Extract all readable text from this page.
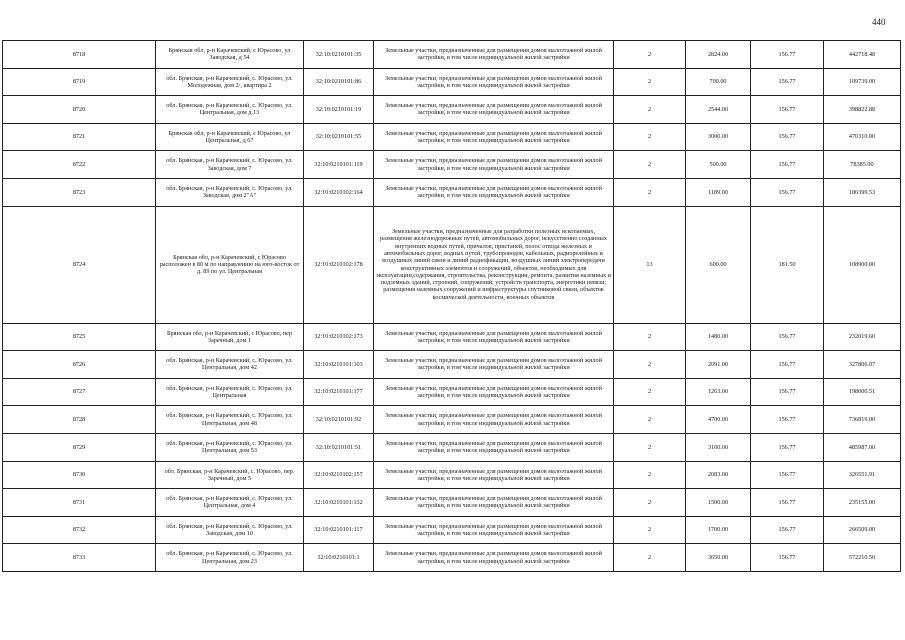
440
8718	Брянская обл, р-н Карачевский, с Юрасово, ул Заводская, д 54	32:10:0210101:35	Земельные участки, предназначенные для размещения домов малоэтажной жилой застройки, в том числе индивидуальной жилой застройки	2	2824.00	156.77	442718.48
8719	обл. Брянская, р-н Карачевский, с. Юрасово, ул. Молодежная, дом 2/, квартира 2	32:10:0210101:86	Земельные участки, предназначенные для размещения домов малоэтажной жилой застройки, в том числе индивидуальной жилой застройки	2	700.00	156.77	109739.00
8720	обл. Брянская, р-н Карачевский, с. Юрасово, ул. Центральная, дом д.13	32:10:0210101:19	Земельные участки, предназначенные для размещения домов малоэтажной жилой застройки, в том числе индивидуальной жилой застройки	2	2544.00	156.77	398822.88
8721	Брянская обл, р-н Карачевский, с Юрасово, ул Центральная, д 67	32:10:0210101:55	Земельные участки, предназначенные для размещения домов малоэтажной жилой застройки, в том числе индивидуальной жилой застройки	2	3000.00	156.77	470310.00
8722	обл. Брянская, р-н Карачевский, с. Юрасово, ул. Заводская, дом 7	32:10:0210101:119	Земельные участки, предназначенные для размещения домов малоэтажной жилой застройки, в том числе индивидуальной жилой застройки	2	500.00	156.77	78385.00
8723	обл. Брянская, р-н Карачевский, с. Юрасово, ул. Заводская, дом 2"А"	32:10:0210102:164	Земельные участки, предназначенные для размещения домов малоэтажной жилой застройки, в том числе индивидуальной жилой застройки	2	1189.00	156.77	186399.53
8724	Брянская обл, р-н Карачевский, с Юрасово расположен в 80 м по направлению на юго-восток от д. 89 по ул. Центральная	32:10:0210102:178	Земельные участки, предназначенные для разработки полезных ископаемых, размещения железнодорожных путей, автомобильных дорог, искусственно созданных внутренних водных путей, причалов, пристаней, полос отвода железных и автомобильных дорог, водных путей, трубопроводов, кабельных, радиорелейных и воздушных линий связи и линий радиофикации, воздушных линий электропередачи конструктивных элементов и сооружений, объектов, необходимых для эксплуатации,содержания, строительства, реконструкции, ремонта, развития наземных и подземных зданий, строений, сооружений, устройств транспорта, энергетики невязи; размещения наземных сооружений и инфраструктуры спутниковой связи, объектов космической деятельности, военных объектов	13	600.00	181.50	108900.00
8725	Брянская обл, р-н Карачевский, с Юрасово, пер Заречный, дом 1	32:10:0210102:173	Земельные участки, предназначенные для размещения домов малоэтажной жилой застройки, в том числе индивидуальной жилой застройки	2	1480.00	156.77	232019.60
8726	обл. Брянская, р-н Карачевский, с. Юрасово, ул. Центральная, дом 42	32:10:0210101:103	Земельные участки, предназначенные для размещения домов малоэтажной жилой застройки, в том числе индивидуальной жилой застройки	2	2091.00	156.77	327806.07
8727	обл. Брянская, р-н Карачевский, с. Юрасово, ул. Центральная	32:10:0210101:177	Земельные участки, предназначенные для размещения домов малоэтажной жилой застройки, в том числе индивидуальной жилой застройки	2	1263.00	156.77	198000.51
8728	обл. Брянская, р-н Карачевский, с. Юрасово, ул. Центральная, дом 48	32:10:0210101:92	Земельные участки, предназначенные для размещения домов малоэтажной жилой застройки, в том числе индивидуальной жилой застройки	2	4700.00	156.77	736819.00
8729	обл. Брянская, р-н Карачевский, с. Юрасово, ул. Центральная, дом 53	32:10:0210101:51	Земельные участки, предназначенные для размещения домов малоэтажной жилой застройки, в том числе индивидуальной жилой застройки	2	3100.00	156.77	485987.00
8730	обл. Брянская, р-н Карачевский, с. Юрасово, пер. Заречный, дом 5	32:10:0210102:157	Земельные участки, предназначенные для размещения домов малоэтажной жилой застройки, в том числе индивидуальной жилой застройки	2	2083.00	156.77	326551.91
8731	обл. Брянская, р-н Карачевский, с. Юрасово, ул. Центральная, дом 4	32:10:0210101:132	Земельные участки, предназначенные для размещения домов малоэтажной жилой застройки, в том числе индивидуальной жилой застройки	2	1500.00	156.77	235155.00
8732	обл. Брянская, р-н Карачевский, с. Юрасово, ул. Заводская, дом 10	32:10:0210101:117	Земельные участки, предназначенные для размещения домов малоэтажной жилой застройки, в том числе индивидуальной жилой застройки	2	1700.00	156.77	266509.00
8733	обл. Брянская, р-н Карачевский, с. Юрасово, ул. Центральная, дом 23	32:10:0210101:1	Земельные участки, предназначенные для размещения домов малоэтажной жилой застройки, в том числе индивидуальной жилой застройки	2	3650.00	156.77	572210.50
